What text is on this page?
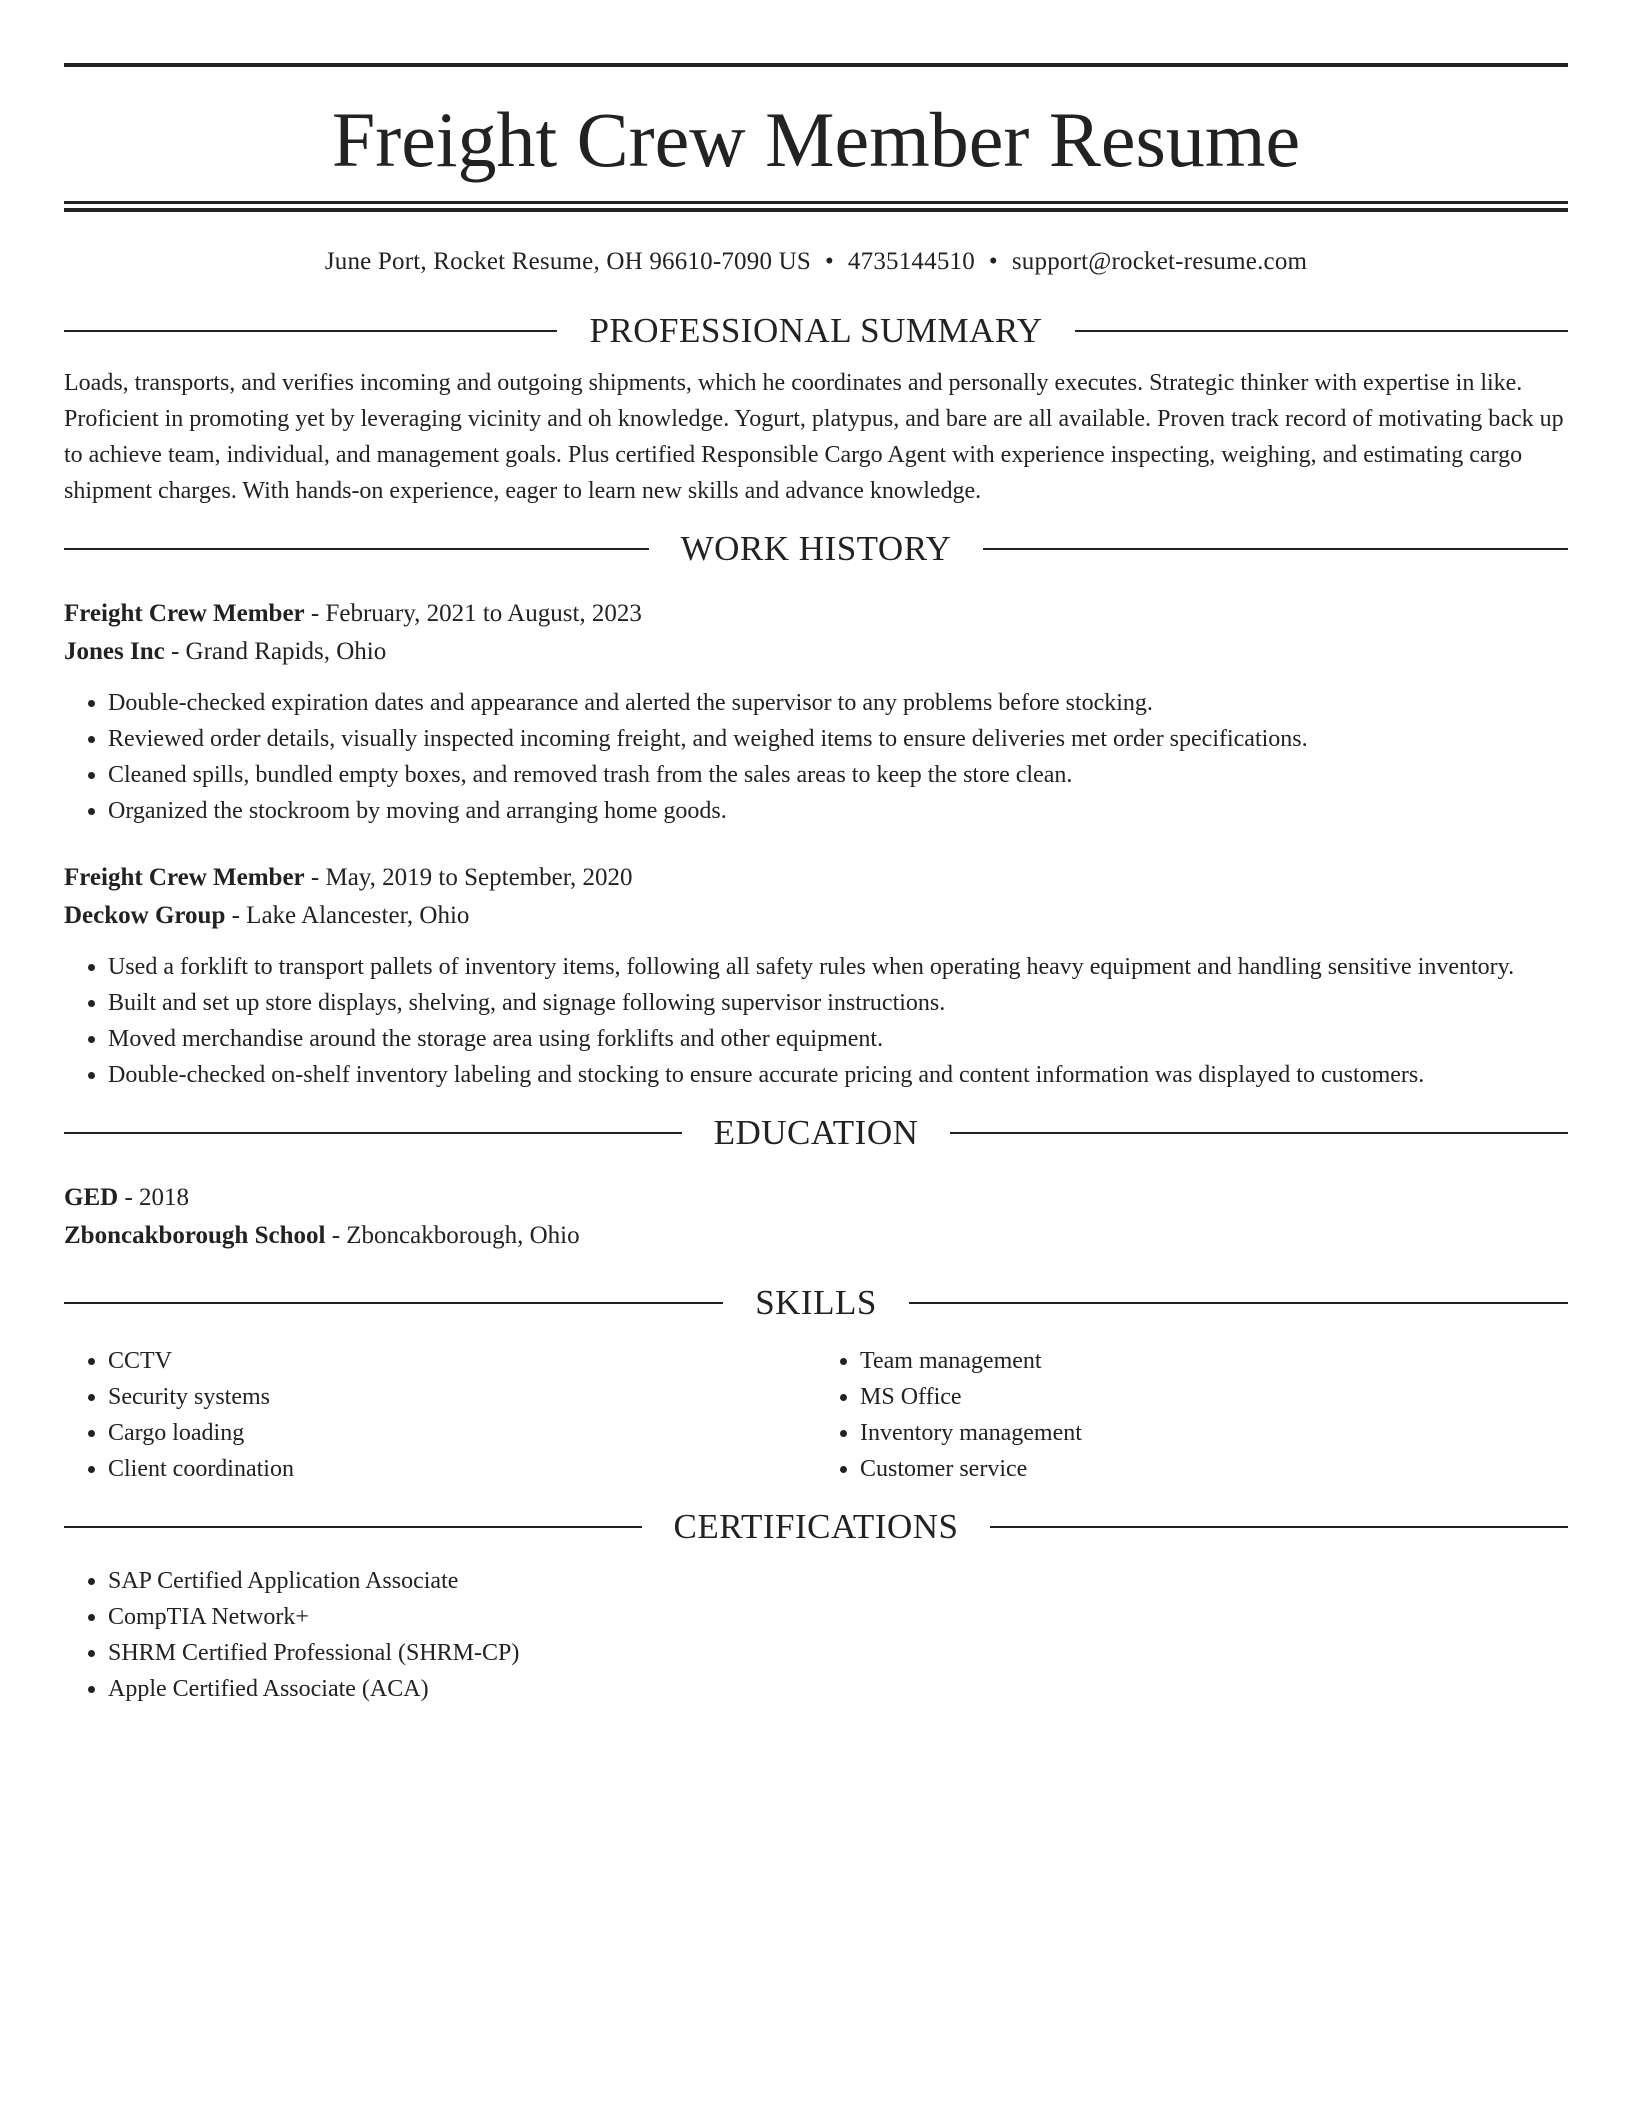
Freight Crew Member Resume
June Port, Rocket Resume, OH 96610-7090 US • 4735144510 • support@rocket-resume.com
PROFESSIONAL SUMMARY

Loads, transports, and verifies incoming and outgoing shipments, which he coordinates and personally executes. Strategic thinker with expertise in like. Proficient in promoting yet by leveraging vicinity and oh knowledge. Yogurt, platypus, and bare are all available. Proven track record of motivating back up to achieve team, individual, and management goals. Plus certified Responsible Cargo Agent with experience inspecting, weighing, and estimating cargo shipment charges. With hands-on experience, eager to learn new skills and advance knowledge.

WORK HISTORY
Freight Crew Member - February, 2021 to August, 2023
Jones Inc - Grand Rapids, Ohio
• Double-checked expiration dates and appearance and alerted the supervisor to any problems before stocking.
• Reviewed order details, visually inspected incoming freight, and weighed items to ensure deliveries met order specifications.
• Cleaned spills, bundled empty boxes, and removed trash from the sales areas to keep the store clean.
• Organized the stockroom by moving and arranging home goods.
Freight Crew Member - May, 2019 to September, 2020
Deckow Group - Lake Alancester, Ohio
• Used a forklift to transport pallets of inventory items, following all safety rules when operating heavy equipment and handling sensitive inventory.
• Built and set up store displays, shelving, and signage following supervisor instructions.
• Moved merchandise around the storage area using forklifts and other equipment.
• Double-checked on-shelf inventory labeling and stocking to ensure accurate pricing and content information was displayed to customers.
EDUCATION
GED - 2018
Zboncakborough School - Zboncakborough, Ohio
SKILLS
• CCTV
• Security systems
• Cargo loading
• Client coordination
• Team management
• MS Office
• Inventory management
• Customer service
CERTIFICATIONS
• SAP Certified Application Associate
• CompTIA Network+
• SHRM Certified Professional (SHRM-CP)
• Apple Certified Associate (ACA)
